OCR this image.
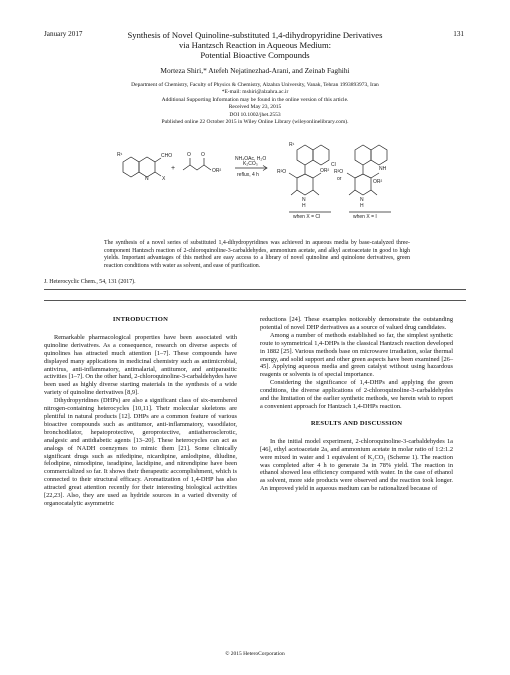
January 2017	131
Synthesis of Novel Quinoline-substituted 1,4-dihydropyridine Derivatives
via Hantzsch Reaction in Aqueous Medium:
Potential Bioactive Compounds
Morteza Shiri,* Atefeh Nejatinezhad-Arani, and Zeinab Faghihi
Department of Chemistry, Faculty of Physics & Chemistry, Alzahra University, Vanak, Tehran 1993893973, Iran
*E-mail: mshiri@alzahra.ac.ir
Additional Supporting Information may be found in the online version of this article.
Received May 23, 2015
DOI 10.1002/jhet.2553
Published online 22 October 2015 in Wiley Online Library (wileyonlinelibrary.com).
R¹	CHO
N	X
+
O O
OR²
NH₄OAc, H₂O
K₂CO₃
reflux, 4 h
R¹
Cl
R²O	OR²
N
H
when X = Cl
or
NH
R²O
OR²
N
H
when X = I
The synthesis of a novel series of substituted 1,4-dihydropyridines was achieved in aqueous media by base-catalyzed three-component Hantzsch reaction of 2-chloroquinoline-3-carbaldehydes, ammonium acetate, and alkyl acetoacetate in good to high yields. Important advantages of this method are easy access to a library of novel quinoline and quinolone derivatives, green reaction conditions with water as solvent, and ease of purification.
J. Heterocyclic Chem., 54, 131 (2017).
INTRODUCTION

Remarkable pharmacological properties have been associated with quinoline derivatives. As a consequence, research on diverse aspects of quinolines has attracted much attention [1–7]. These compounds have displayed many applications in medicinal chemistry such as antimicrobial, antivirus, anti-inflammatory, antimalarial, antitumor, and antiparasitic activities [1–7]. On the other hand, 2-chloroquinoline-3-carbaldehydes have been used as highly diverse starting materials in the synthesis of a wide variety of quinoline derivatives [8,9].

Dihydropyridines (DHPs) are also a significant class of six-membered nitrogen-containing heterocycles [10,11]. Their molecular skeletons are plentiful in natural products [12]. DHPs are a common feature of various bioactive compounds such as antitumor, anti-inflammatory, vasodilator, bronchodilator, hepatoprotective, geroprotective, antiatherosclerotic, analgesic and antidiabetic agents [13–20]. These heterocycles can act as analogs of NADH coenzymes to mimic them [21]. Some clinically significant drugs such as nifedipine, nicardipine, amlodipine, diludine, felodipine, nimodipine, isradipine, lacidipine, and nitrendipine have been commercialized so far. It shows their therapeutic accomplishment, which is connected to their structural efficacy. Aromatization of 1,4-DHP has also attracted great attention recently for their interesting biological activities [22,23]. Also, they are used as hydride sources in a varied diversity of organocatalytic asymmetric

reductions [24]. These examples noticeably demonstrate the outstanding potential of novel DHP derivatives as a source of valued drug candidates.

Among a number of methods established so far, the simplest synthetic route to symmetrical 1,4-DHPs is the classical Hantzsch reaction developed in 1882 [25]. Various methods base on microwave irradiation, solar thermal energy, and solid support and other green aspects have been examined [26–45]. Applying aqueous media and green catalyst without using hazardous reagents or solvents is of special importance.

Considering the significance of 1,4-DHPs and applying the green conditions, the diverse applications of 2-chloroquinoline-3-carbaldehydes and the limitation of the earlier synthetic methods, we herein wish to report a convenient approach for Hantzsch 1,4-DHPs reaction.

RESULTS AND DISCUSSION

In the initial model experiment, 2-chloroquinoline-3-carbaldehydes 1a [46], ethyl acetoacetate 2a, and ammonium acetate in molar ratio of 1:2:1.2 were mixed in water and 1 equivalent of K₂CO₃ (Scheme 1). The reaction was completed after 4 h to generate 3a in 78% yield. The reaction in ethanol showed less efficiency compared with water. In the case of ethanol as solvent, more side products were observed and the reaction took longer. An improved yield in aqueous medium can be rationalized because of

© 2015 HeteroCorporation
